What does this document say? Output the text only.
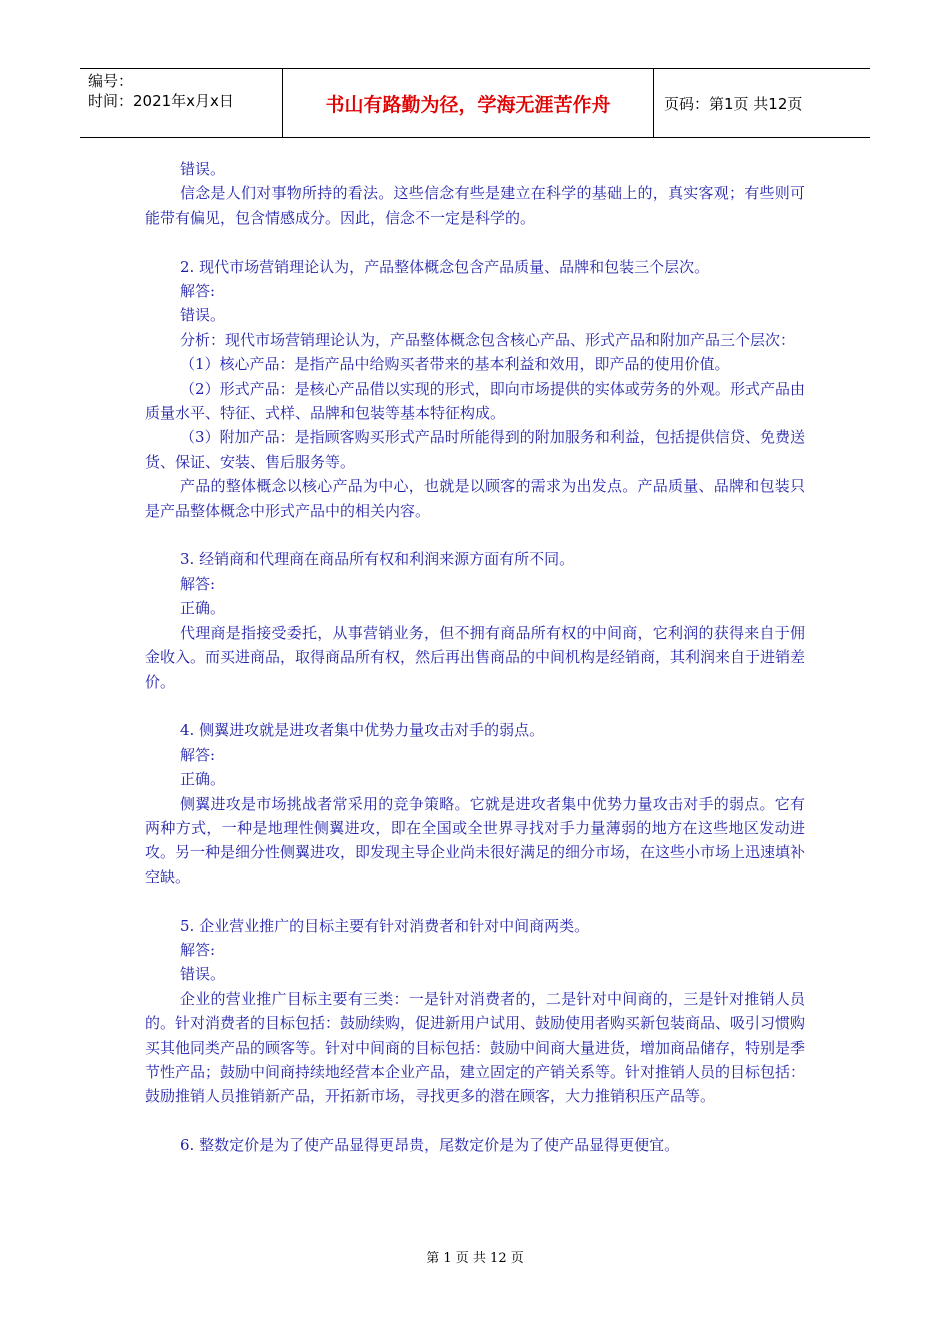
编号：
时间：2021年x月x日	书山有路勤为径，学海无涯苦作舟	页码：第1页 共12页

错误。

信念是人们对事物所持的看法。这些信念有些是建立在科学的基础上的，真实客观；有些则可能带有偏见，包含情感成分。因此，信念不一定是科学的。

2. 现代市场营销理论认为，产品整体概念包含产品质量、品牌和包装三个层次。

解答:

错误。

分析：现代市场营销理论认为，产品整体概念包含核心产品、形式产品和附加产品三个层次：

（1）核心产品：是指产品中给购买者带来的基本利益和效用，即产品的使用价值。

（2）形式产品：是核心产品借以实现的形式，即向市场提供的实体或劳务的外观。形式产品由质量水平、特征、式样、品牌和包装等基本特征构成。

（3）附加产品：是指顾客购买形式产品时所能得到的附加服务和利益，包括提供信贷、免费送货、保证、安装、售后服务等。

产品的整体概念以核心产品为中心，也就是以顾客的需求为出发点。产品质量、品牌和包装只是产品整体概念中形式产品中的相关内容。

3. 经销商和代理商在商品所有权和利润来源方面有所不同。

解答:

正确。

代理商是指接受委托，从事营销业务，但不拥有商品所有权的中间商，它利润的获得来自于佣金收入。而买进商品，取得商品所有权，然后再出售商品的中间机构是经销商，其利润来自于进销差价。

4. 侧翼进攻就是进攻者集中优势力量攻击对手的弱点。

解答:

正确。

侧翼进攻是市场挑战者常采用的竞争策略。它就是进攻者集中优势力量攻击对手的弱点。它有两种方式，一种是地理性侧翼进攻，即在全国或全世界寻找对手力量薄弱的地方在这些地区发动进攻。另一种是细分性侧翼进攻，即发现主导企业尚未很好满足的细分市场，在这些小市场上迅速填补空缺。

5. 企业营业推广的目标主要有针对消费者和针对中间商两类。

解答:

错误。

企业的营业推广目标主要有三类：一是针对消费者的，二是针对中间商的，三是针对推销人员的。针对消费者的目标包括：鼓励续购，促进新用户试用、鼓励使用者购买新包装商品、吸引习惯购买其他同类产品的顾客等。针对中间商的目标包括：鼓励中间商大量进货，增加商品储存，特别是季节性产品；鼓励中间商持续地经营本企业产品，建立固定的产销关系等。针对推销人员的目标包括：鼓励推销人员推销新产品，开拓新市场，寻找更多的潜在顾客，大力推销积压产品等。

6. 整数定价是为了使产品显得更昂贵，尾数定价是为了使产品显得更便宜。

第 1 页 共 12 页
